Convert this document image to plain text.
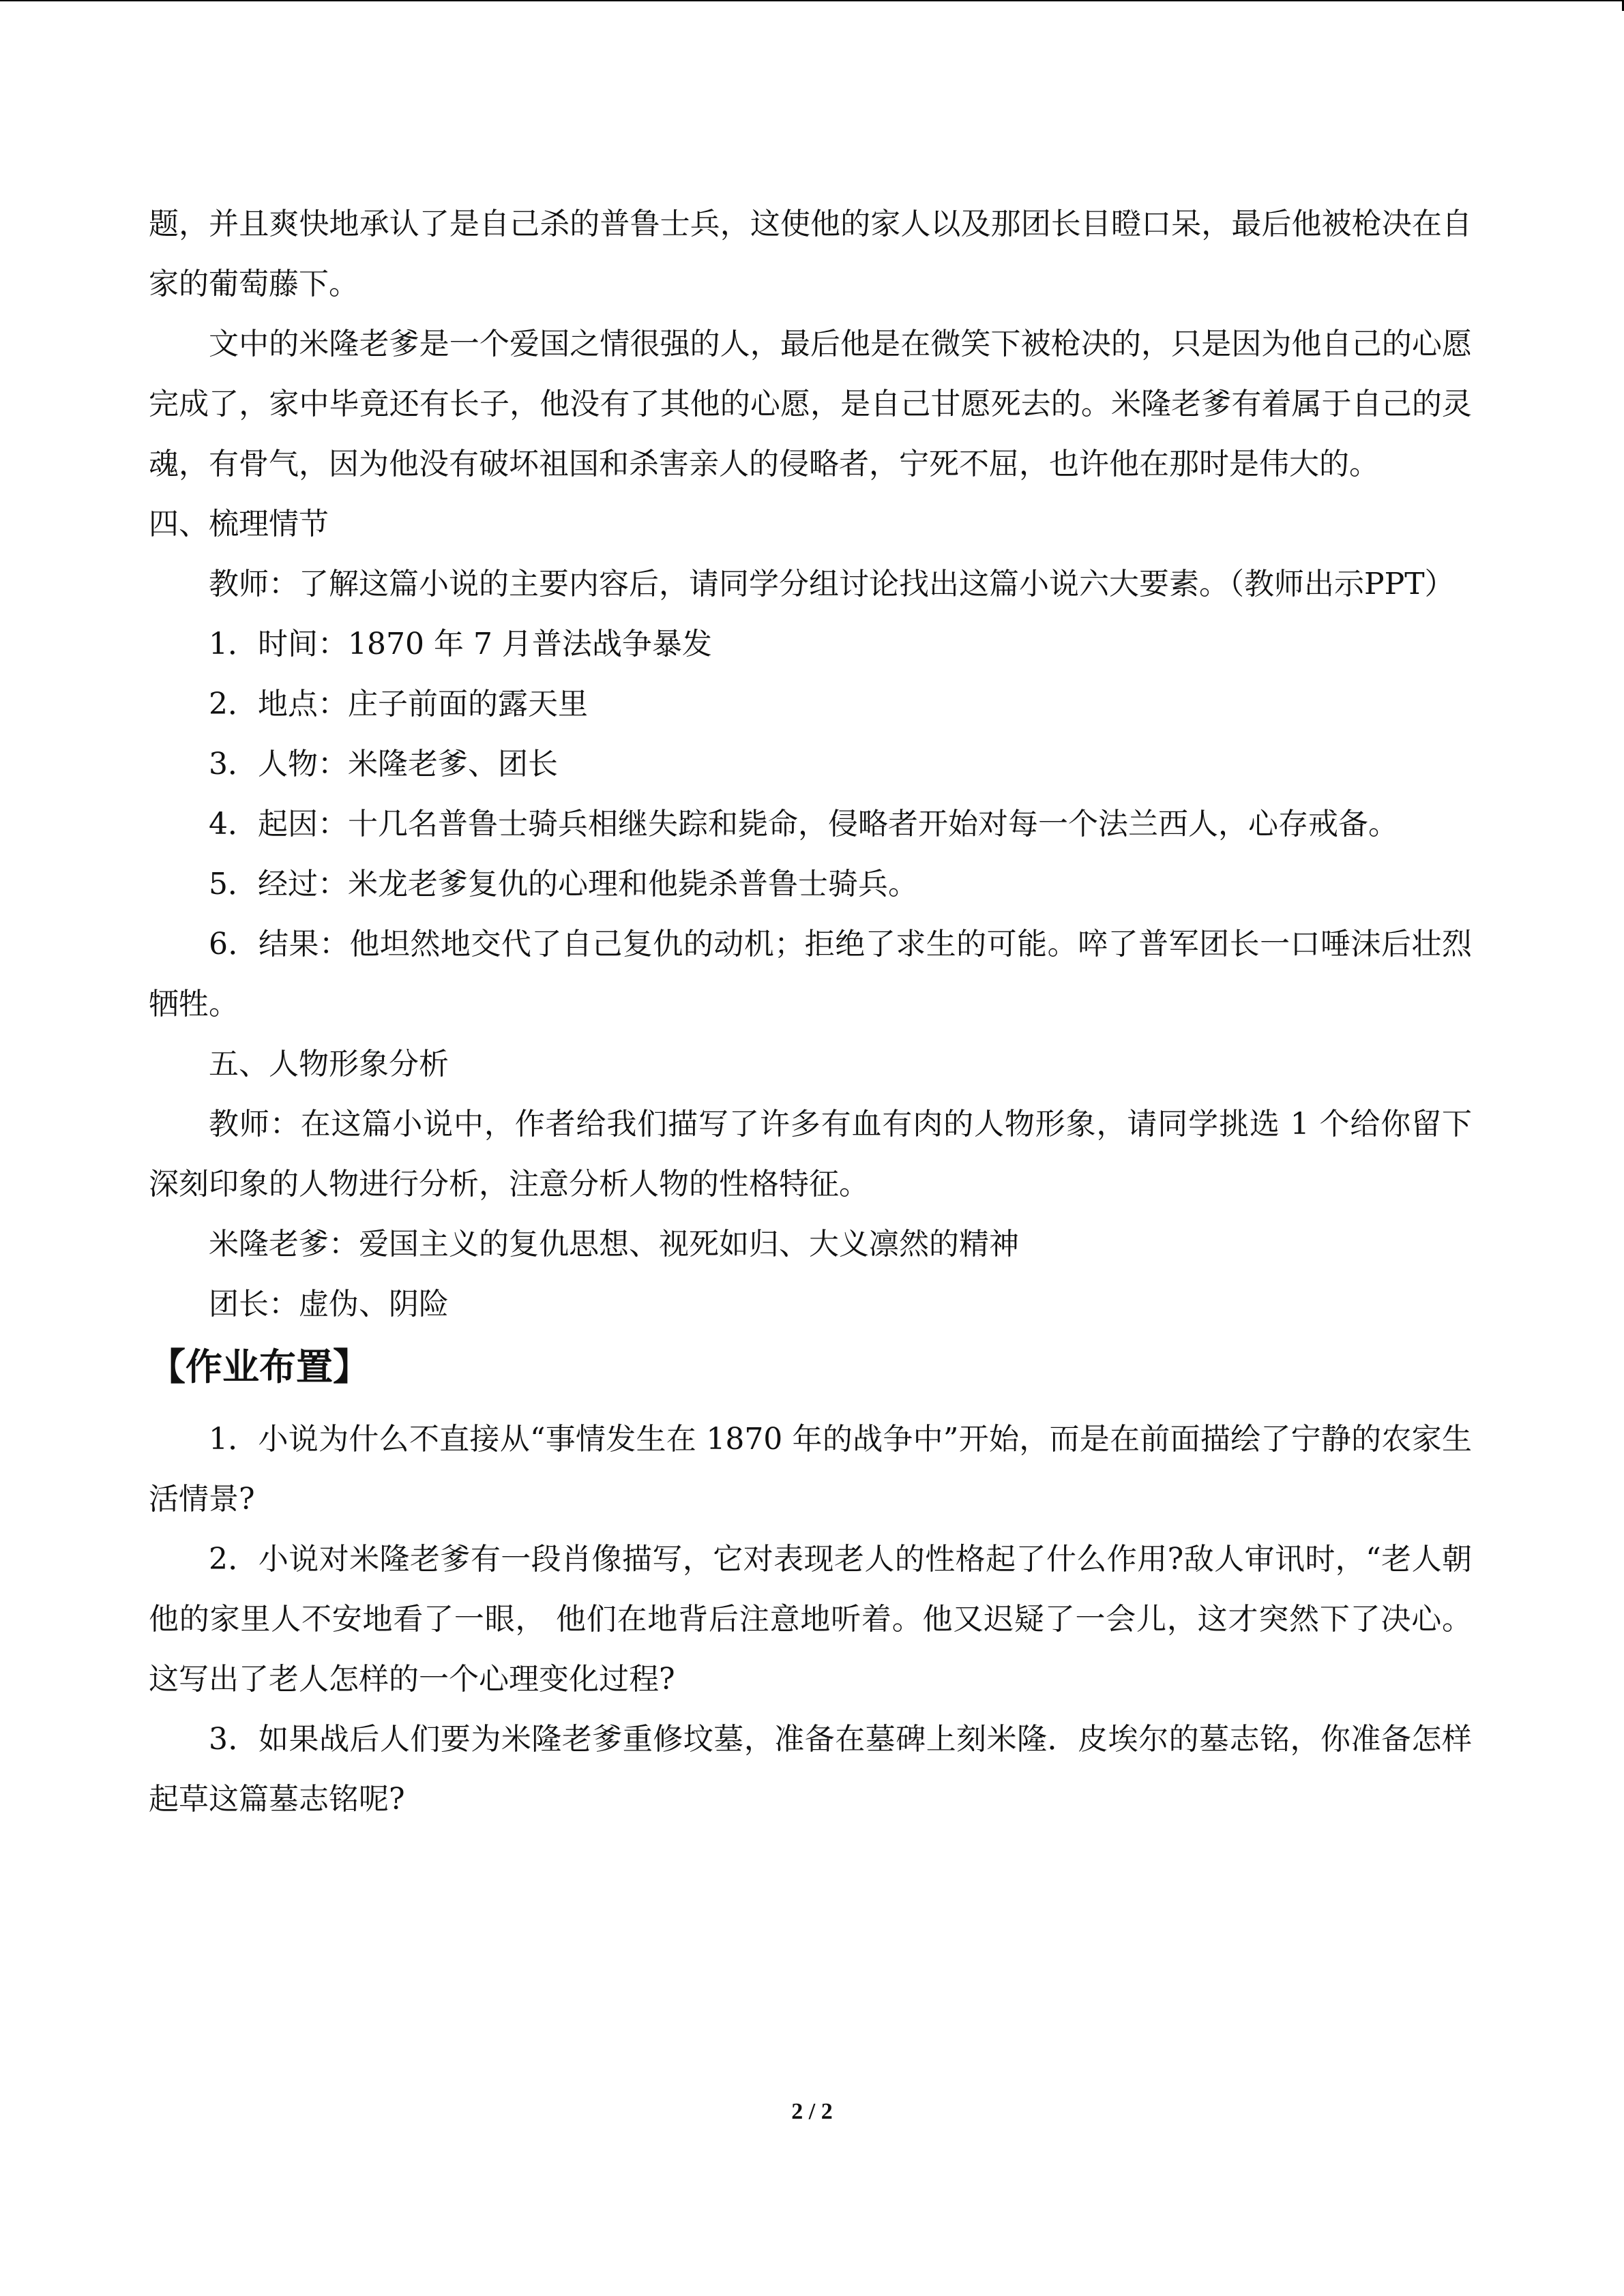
题，并且爽快地承认了是自己杀的普鲁士兵，这使他的家人以及那团长目瞪口呆，最后他被枪决在自家的葡萄藤下。

文中的米隆老爹是一个爱国之情很强的人，最后他是在微笑下被枪决的，只是因为他自己的心愿完成了，家中毕竟还有长子，他没有了其他的心愿，是自己甘愿死去的。米隆老爹有着属于自己的灵魂，有骨气，因为他没有破坏祖国和杀害亲人的侵略者，宁死不屈，也许他在那时是伟大的。

四、梳理情节

教师：了解这篇小说的主要内容后，请同学分组讨论找出这篇小说六大要素。（教师出示PPT）

1．时间：1870 年 7 月普法战争暴发

2．地点：庄子前面的露天里

3．人物：米隆老爹、团长

4．起因：十几名普鲁士骑兵相继失踪和毙命，侵略者开始对每一个法兰西人，心存戒备。

5．经过：米龙老爹复仇的心理和他毙杀普鲁士骑兵。

6．结果：他坦然地交代了自己复仇的动机；拒绝了求生的可能。啐了普军团长一口唾沫后壮烈牺牲。

五、人物形象分析

教师：在这篇小说中，作者给我们描写了许多有血有肉的人物形象，请同学挑选 1 个给你留下深刻印象的人物进行分析，注意分析人物的性格特征。

米隆老爹：爱国主义的复仇思想、视死如归、大义凛然的精神

团长：虚伪、阴险

【作业布置】

1．小说为什么不直接从“事情发生在 1870 年的战争中”开始，而是在前面描绘了宁静的农家生活情景?

2．小说对米隆老爹有一段肖像描写，它对表现老人的性格起了什么作用?敌人审讯时，“老人朝他的家里人不安地看了一眼， 他们在地背后注意地听着。他又迟疑了一会儿，这才突然下了决心。这写出了老人怎样的一个心理变化过程?

3．如果战后人们要为米隆老爹重修坟墓，准备在墓碑上刻米隆．皮埃尔的墓志铭，你准备怎样起草这篇墓志铭呢?

2 / 2
